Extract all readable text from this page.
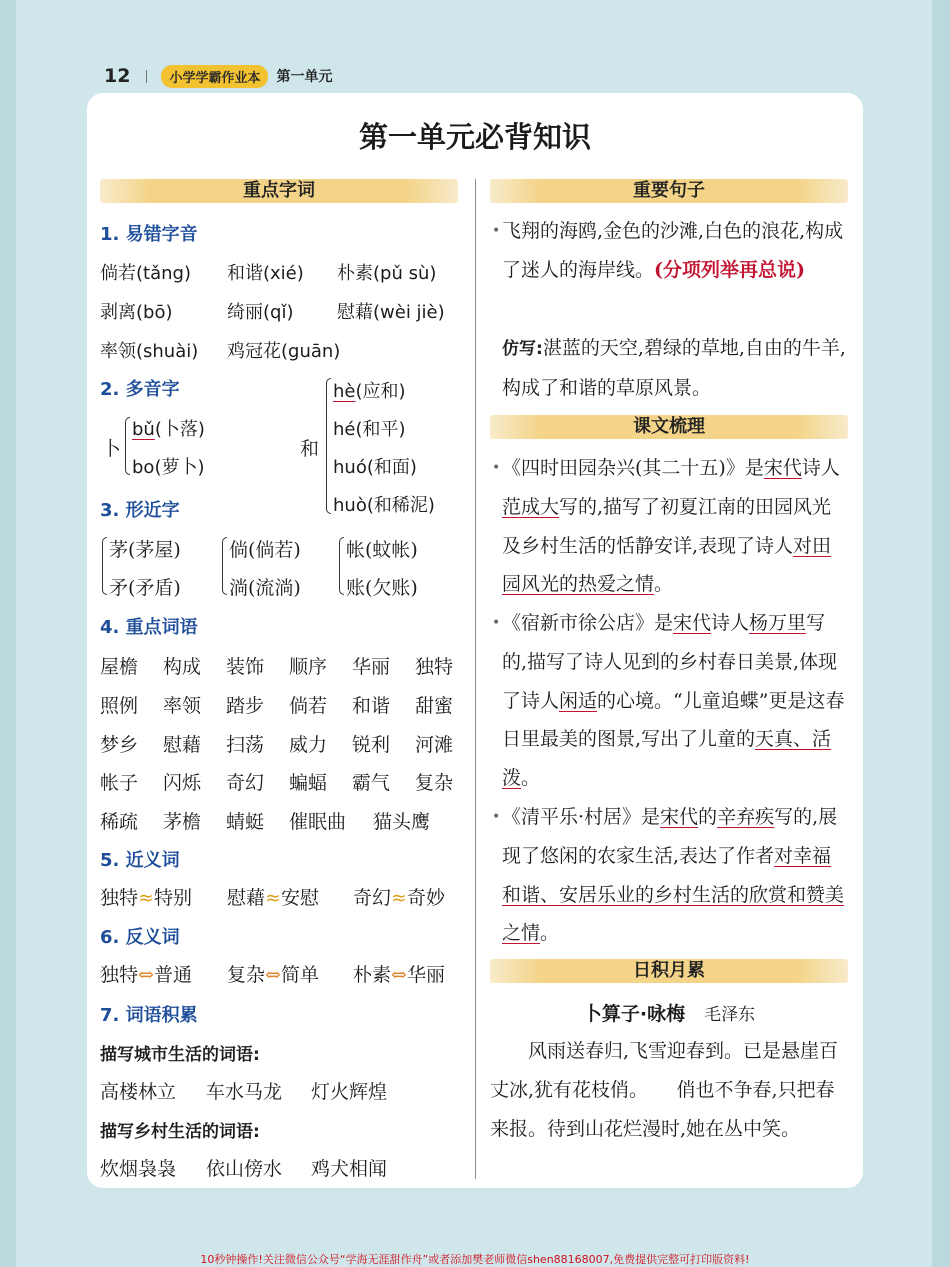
12	小学学霸作业本	第一单元
第一单元必背知识
重点字词
1. 易错字音
倘若(tǎng) 和谐(xié) 朴素(pǔ sù)
剥离(bō)	绮丽(qǐ) 慰藉(wèi jiè)
率领(shuài) 鸡冠花(guān)
2. 多音字
卜
bǔ(卜落)
bo(萝卜)
和
hè(应和)
hé(和平)
huó(和面)
huò(和稀泥)
3. 形近字
茅(茅屋)
矛(矛盾)
倘(倘若)
淌(流淌)
帐(蚊帐)
账(欠账)
4. 重点词语
屋檐 构成 装饰 顺序 华丽 独特
照例 率领 踏步 倘若 和谐 甜蜜
梦乡 慰藉 扫荡 威力 锐利 河滩
帐子 闪烁 奇幻 蝙蝠 霸气 复杂
稀疏 茅檐 蜻蜓 催眠曲 猫头鹰
5. 近义词
独特≈特别 慰藉≈安慰 奇幻≈奇妙
6. 反义词
独特⇔普通 复杂⇔简单 朴素⇔华丽
7. 词语积累
描写城市生活的词语:
高楼林立 车水马龙 灯火辉煌
描写乡村生活的词语:
炊烟袅袅 依山傍水 鸡犬相闻
重要句子
• 飞翔的海鸥,金色的沙滩,白色的浪花,构成了迷人的海岸线。(分项列举再总说)
仿写:湛蓝的天空,碧绿的草地,自由的牛羊,构成了和谐的草原风景。
课文梳理
• 《四时田园杂兴(其二十五)》是宋代诗人范成大写的,描写了初夏江南的田园风光及乡村生活的恬静安详,表现了诗人对田园风光的热爱之情。
• 《宿新市徐公店》是宋代诗人杨万里写的,描写了诗人见到的乡村春日美景,体现了诗人闲适的心境。“儿童追蝶”更是这春日里最美的图景,写出了儿童的天真、活泼。
• 《清平乐·村居》是宋代的辛弃疾写的,展现了悠闲的农家生活,表达了作者对幸福和谐、安居乐业的乡村生活的欣赏和赞美之情。
日积月累
卜算子·咏梅　 毛泽东
风雨送春归,飞雪迎春到。已是悬崖百丈冰,犹有花枝俏。　　俏也不争春,只把春来报。待到山花烂漫时,她在丛中笑。
10秒钟操作!关注微信公众号“学海无涯甜作舟”或者添加樊老师微信shen88168007,免费提供完整可打印版资料!
